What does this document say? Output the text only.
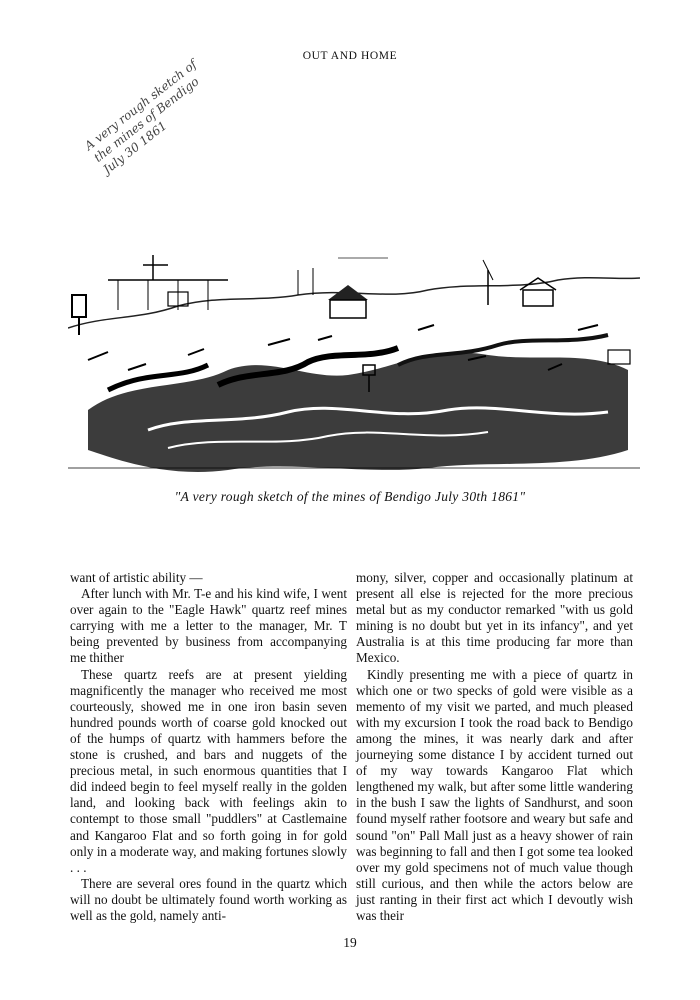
OUT AND HOME
A very rough sketch of the mines of Bendigo July 30 1861
"A very rough sketch of the mines of Bendigo July 30th 1861"

want of artistic ability —

After lunch with Mr. T-e and his kind wife, I went over again to the "Eagle Hawk" quartz reef mines carrying with me a letter to the manager, Mr. T being prevented by business from accompanying me thither

These quartz reefs are at present yielding magnificently the manager who received me most courteously, showed me in one iron basin seven hundred pounds worth of coarse gold knocked out of the humps of quartz with hammers before the stone is crushed, and bars and nuggets of the precious metal, in such enormous quantities that I did indeed begin to feel myself really in the golden land, and looking back with feelings akin to contempt to those small "puddlers" at Castlemaine and Kangaroo Flat and so forth going in for gold only in a moderate way, and making fortunes slowly . . .

There are several ores found in the quartz which will no doubt be ultimately found worth working as well as the gold, namely anti-

mony, silver, copper and occasionally platinum at present all else is rejected for the more precious metal but as my conductor remarked "with us gold mining is no doubt but yet in its infancy", and yet Australia is at this time producing far more than Mexico.

Kindly presenting me with a piece of quartz in which one or two specks of gold were visible as a memento of my visit we parted, and much pleased with my excursion I took the road back to Bendigo among the mines, it was nearly dark and after journeying some distance I by accident turned out of my way towards Kangaroo Flat which lengthened my walk, but after some little wandering in the bush I saw the lights of Sandhurst, and soon found myself rather footsore and weary but safe and sound "on" Pall Mall just as a heavy shower of rain was beginning to fall and then I got some tea looked over my gold specimens not of much value though still curious, and then while the actors below are just ranting in their first act which I devoutly wish was their

19
